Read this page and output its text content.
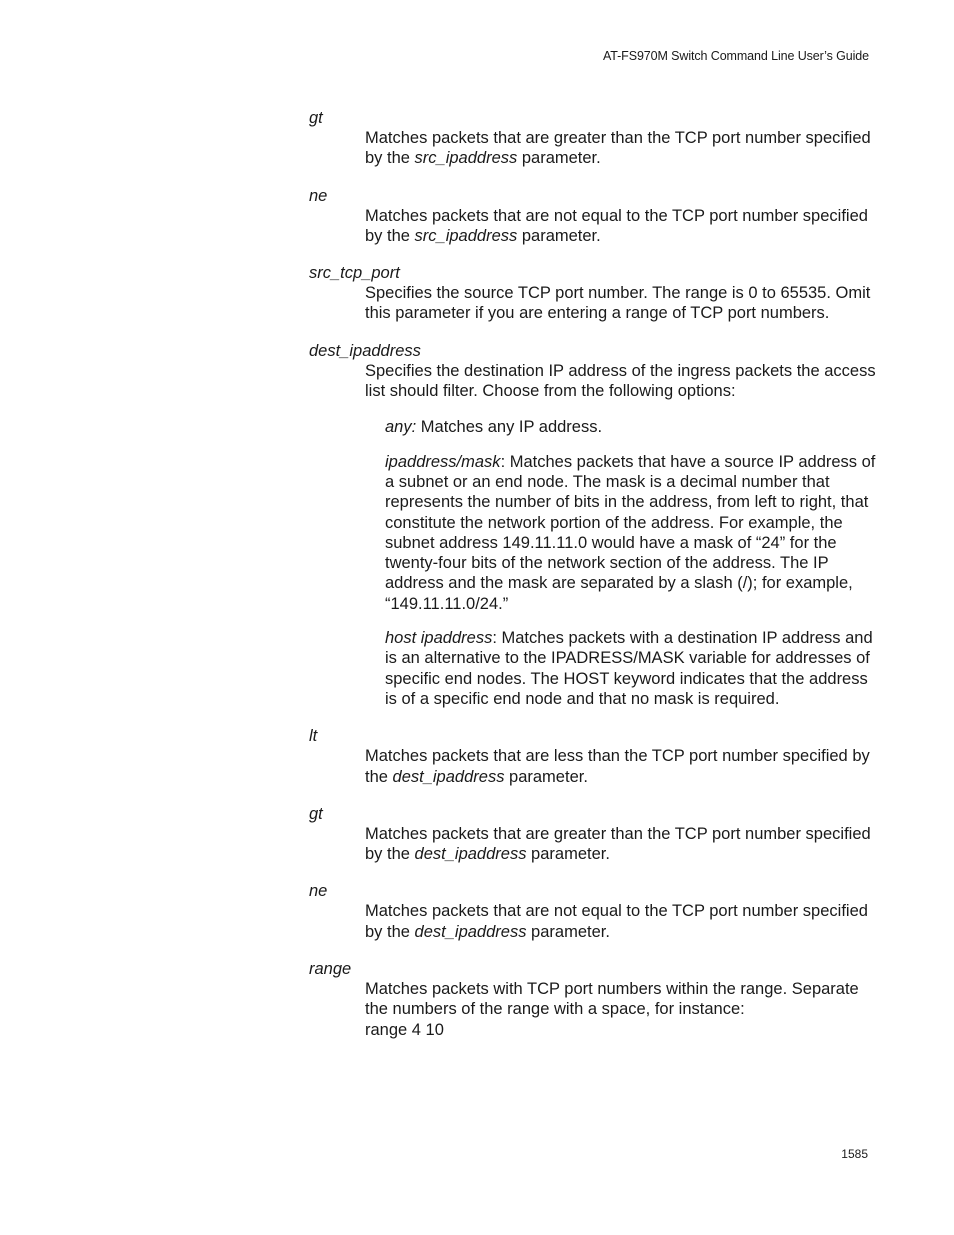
AT-FS970M Switch Command Line User’s Guide

gt

Matches packets that are greater than the TCP port number specified by the src_ipaddress parameter.

ne

Matches packets that are not equal to the TCP port number specified by the src_ipaddress parameter.

src_tcp_port

Specifies the source TCP port number. The range is 0 to 65535. Omit this parameter if you are entering a range of TCP port numbers.

dest_ipaddress

Specifies the destination IP address of the ingress packets the access list should filter. Choose from the following options:

any: Matches any IP address.

ipaddress/mask: Matches packets that have a source IP address of a subnet or an end node. The mask is a decimal number that represents the number of bits in the address, from left to right, that constitute the network portion of the address. For example, the subnet address 149.11.11.0 would have a mask of “24” for the twenty-four bits of the network section of the address. The IP address and the mask are separated by a slash (/); for example, “149.11.11.0/24.”

host ipaddress: Matches packets with a destination IP address and is an alternative to the IPADRESS/MASK variable for addresses of specific end nodes. The HOST keyword indicates that the address is of a specific end node and that no mask is required.

lt

Matches packets that are less than the TCP port number specified by the dest_ipaddress parameter.

gt

Matches packets that are greater than the TCP port number specified by the dest_ipaddress parameter.

ne

Matches packets that are not equal to the TCP port number specified by the dest_ipaddress parameter.

range

Matches packets with TCP port numbers within the range. Separate the numbers of the range with a space, for instance:

range 4 10

1585
